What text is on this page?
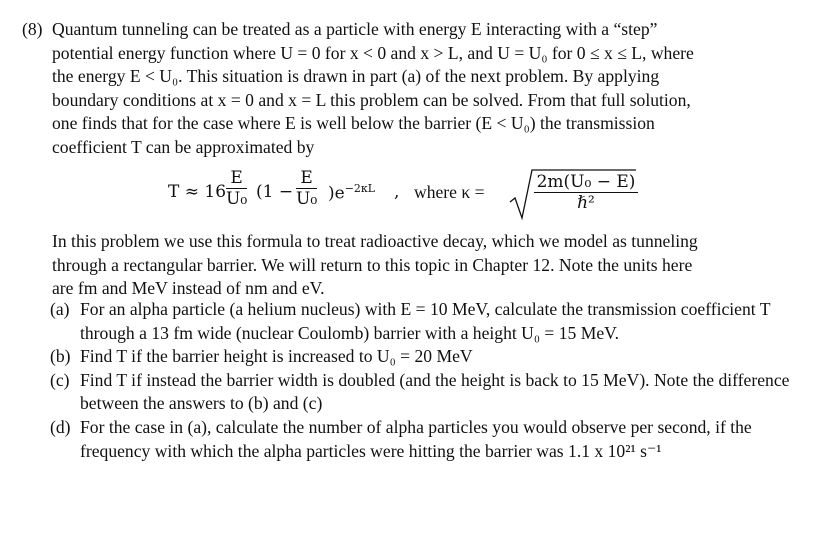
(8) Quantum tunneling can be treated as a particle with energy E interacting with a “step”
potential energy function where U = 0 for x < 0 and x > L, and U = U₀ for 0 ≤ x ≤ L, where
the energy E < U₀. This situation is drawn in part (a) of the next problem. By applying
boundary conditions at x = 0 and x = L this problem can be solved. From that full solution,
one finds that for the case where E is well below the barrier (E < U₀) the transmission
coefficient T can be approximated by
$T \approx 16 \frac{E}{\text{U₀}} (1 - \frac{E}{\text{U₀}} )e^{-2\kappa L}$ , where κ =	2m(U₀ − E)
ℏ²
In this problem we use this formula to treat radioactive decay, which we model as tunneling
through a rectangular barrier. We will return to this topic in Chapter 12. Note the units here
are fm and MeV instead of nm and eV.
(a) For an alpha particle (a helium nucleus) with E = 10 MeV, calculate the transmission coefficient T through a 13 fm wide (nuclear Coulomb) barrier with a height U₀ = 15 MeV.
(b) Find T if the barrier height is increased to U₀ = 20 MeV
(c) Find T if instead the barrier width is doubled (and the height is back to 15 MeV). Note the difference between the answers to (b) and (c)
(d) For the case in (a), calculate the number of alpha particles you would observe per second, if the frequency with which the alpha particles were hitting the barrier was 1.1 x 10²¹ s⁻¹
